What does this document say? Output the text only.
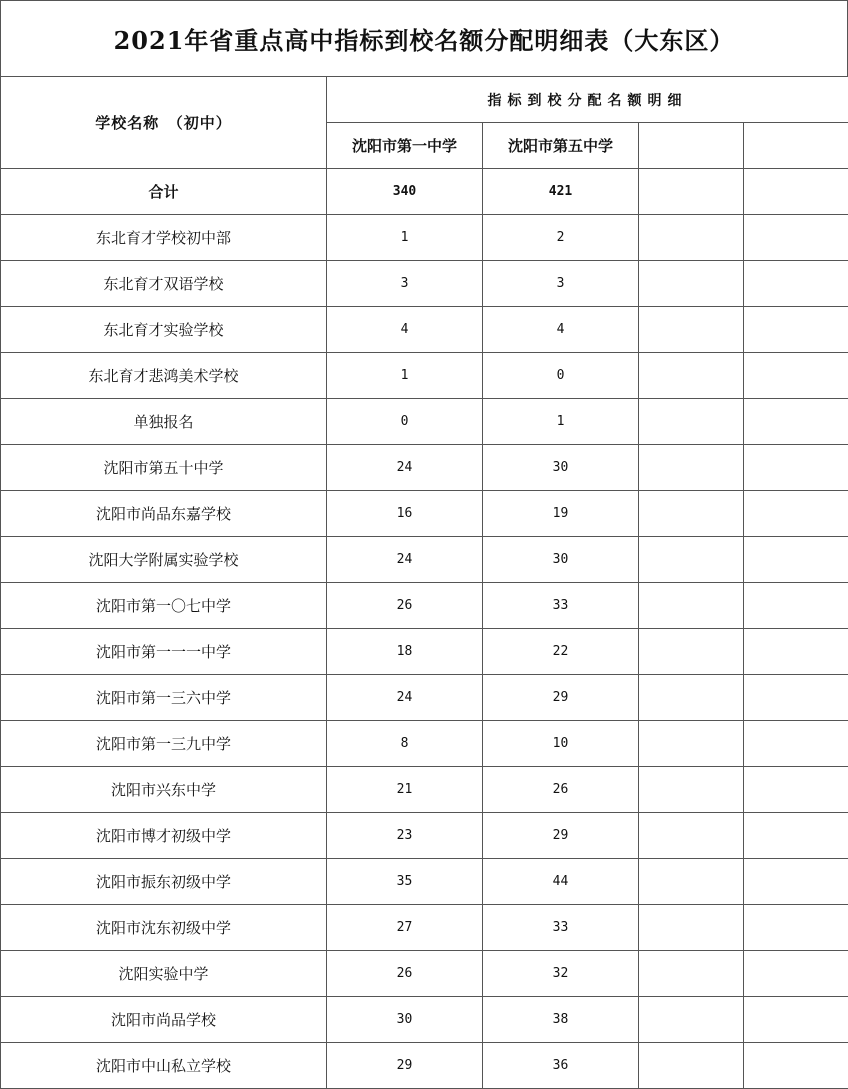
2021年省重点高中指标到校名额分配明细表（大东区）
学校名称　（初中）	指标到校分配名额明细			
	沈阳市第一中学	沈阳市第五中学		
合计	340	421		
东北育才学校初中部	1	2		
东北育才双语学校	3	3		
东北育才实验学校	4	4		
东北育才悲鸿美术学校	1	0		
单独报名	0	1		
沈阳市第五十中学	24	30		
沈阳市尚品东嘉学校	16	19		
沈阳大学附属实验学校	24	30		
沈阳市第一〇七中学	26	33		
沈阳市第一一一中学	18	22		
沈阳市第一三六中学	24	29		
沈阳市第一三九中学	8	10		
沈阳市兴东中学	21	26		
沈阳市博才初级中学	23	29		
沈阳市振东初级中学	35	44		
沈阳市沈东初级中学	27	33		
沈阳实验中学	26	32		
沈阳市尚品学校	30	38		
沈阳市中山私立学校	29	36		
